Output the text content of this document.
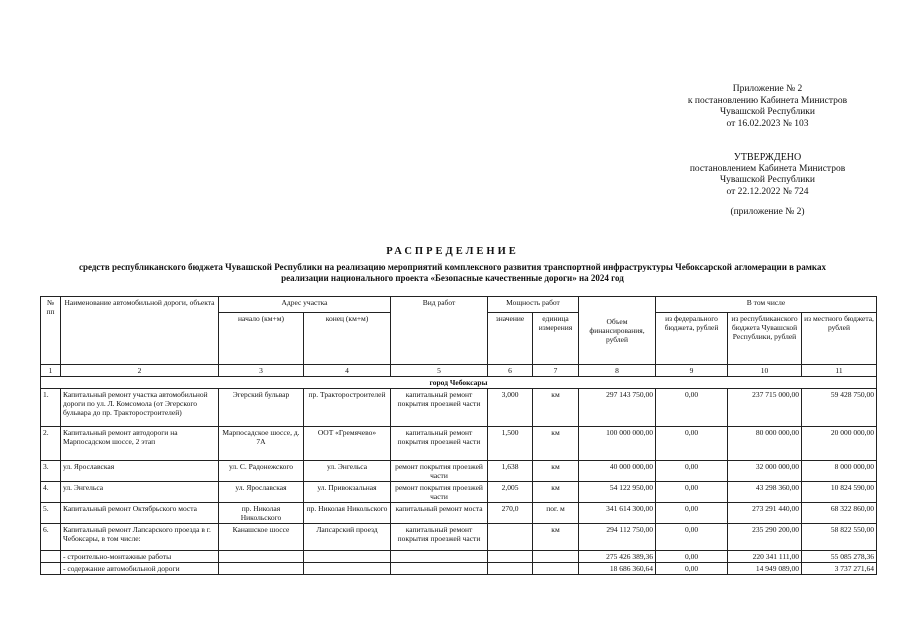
Приложение № 2
к постановлению Кабинета Министров
Чувашской Республики
от 16.02.2023 № 103
УТВЕРЖДЕНО
постановлением Кабинета Министров
Чувашской Республики
от 22.12.2022 № 724
(приложение № 2)
РАСПРЕДЕЛЕНИЕ
средств республиканского бюджета Чувашской Республики на реализацию мероприятий комплексного развития транспортной инфраструктуры Чебоксарской агломерации в рамках
реализации национального проекта «Безопасные качественные дороги» на 2024 год
№ пп	Наименование автомобильной дороги, объекта	Адрес участка		Вид работ	Мощность работ		Объем финансирования, рублей	В том числе		
		начало (км+м)	конец (км+м)		значение	единица измерения		из федерального бюджета, рублей	из республиканского бюджета Чувашской Республики, рублей	из местного бюджета, рублей
1	2	3	4	5	6	7	8	9	10	11
город Чебоксары										
1.	Капитальный ремонт участка автомобильной дороги по ул. Л. Комсомола (от Эгерского бульвара до пр. Тракторостроителей)	Эгерский бульвар	пр. Тракторостроителей	капитальный ремонт покрытия проезжей части	3,000	км	297 143 750,00	0,00	237 715 000,00	59 428 750,00
2.	Капитальный ремонт автодороги на Марпосадском шоссе, 2 этап	Марпосадское шоссе, д. 7А	ООТ «Гремячево»	капитальный ремонт покрытия проезжей части	1,500	км	100 000 000,00	0,00	80 000 000,00	20 000 000,00
3.	ул. Ярославская	ул. С. Радонежского	ул. Энгельса	ремонт покрытия проезжей части	1,638	км	40 000 000,00	0,00	32 000 000,00	8 000 000,00
4.	ул. Энгельса	ул. Ярославская	ул. Привокзальная	ремонт покрытия проезжей части	2,005	км	54 122 950,00	0,00	43 298 360,00	10 824 590,00
5.	Капитальный ремонт Октябрьского моста	пр. Николая Никольского	пр. Николая Никольского	капитальный ремонт моста	270,0	пог. м	341 614 300,00	0,00	273 291 440,00	68 322 860,00
6.	Капитальный ремонт Лапсарского проезда в г. Чебоксары, в том числе:	Канашское шоссе	Лапсарский проезд	капитальный ремонт покрытия проезжей части		км	294 112 750,00	0,00	235 290 200,00	58 822 550,00
	- строительно-монтажные работы						275 426 389,36	0,00	220 341 111,00	55 085 278,36
	- содержание автомобильной дороги						18 686 360,64	0,00	14 949 089,00	3 737 271,64
